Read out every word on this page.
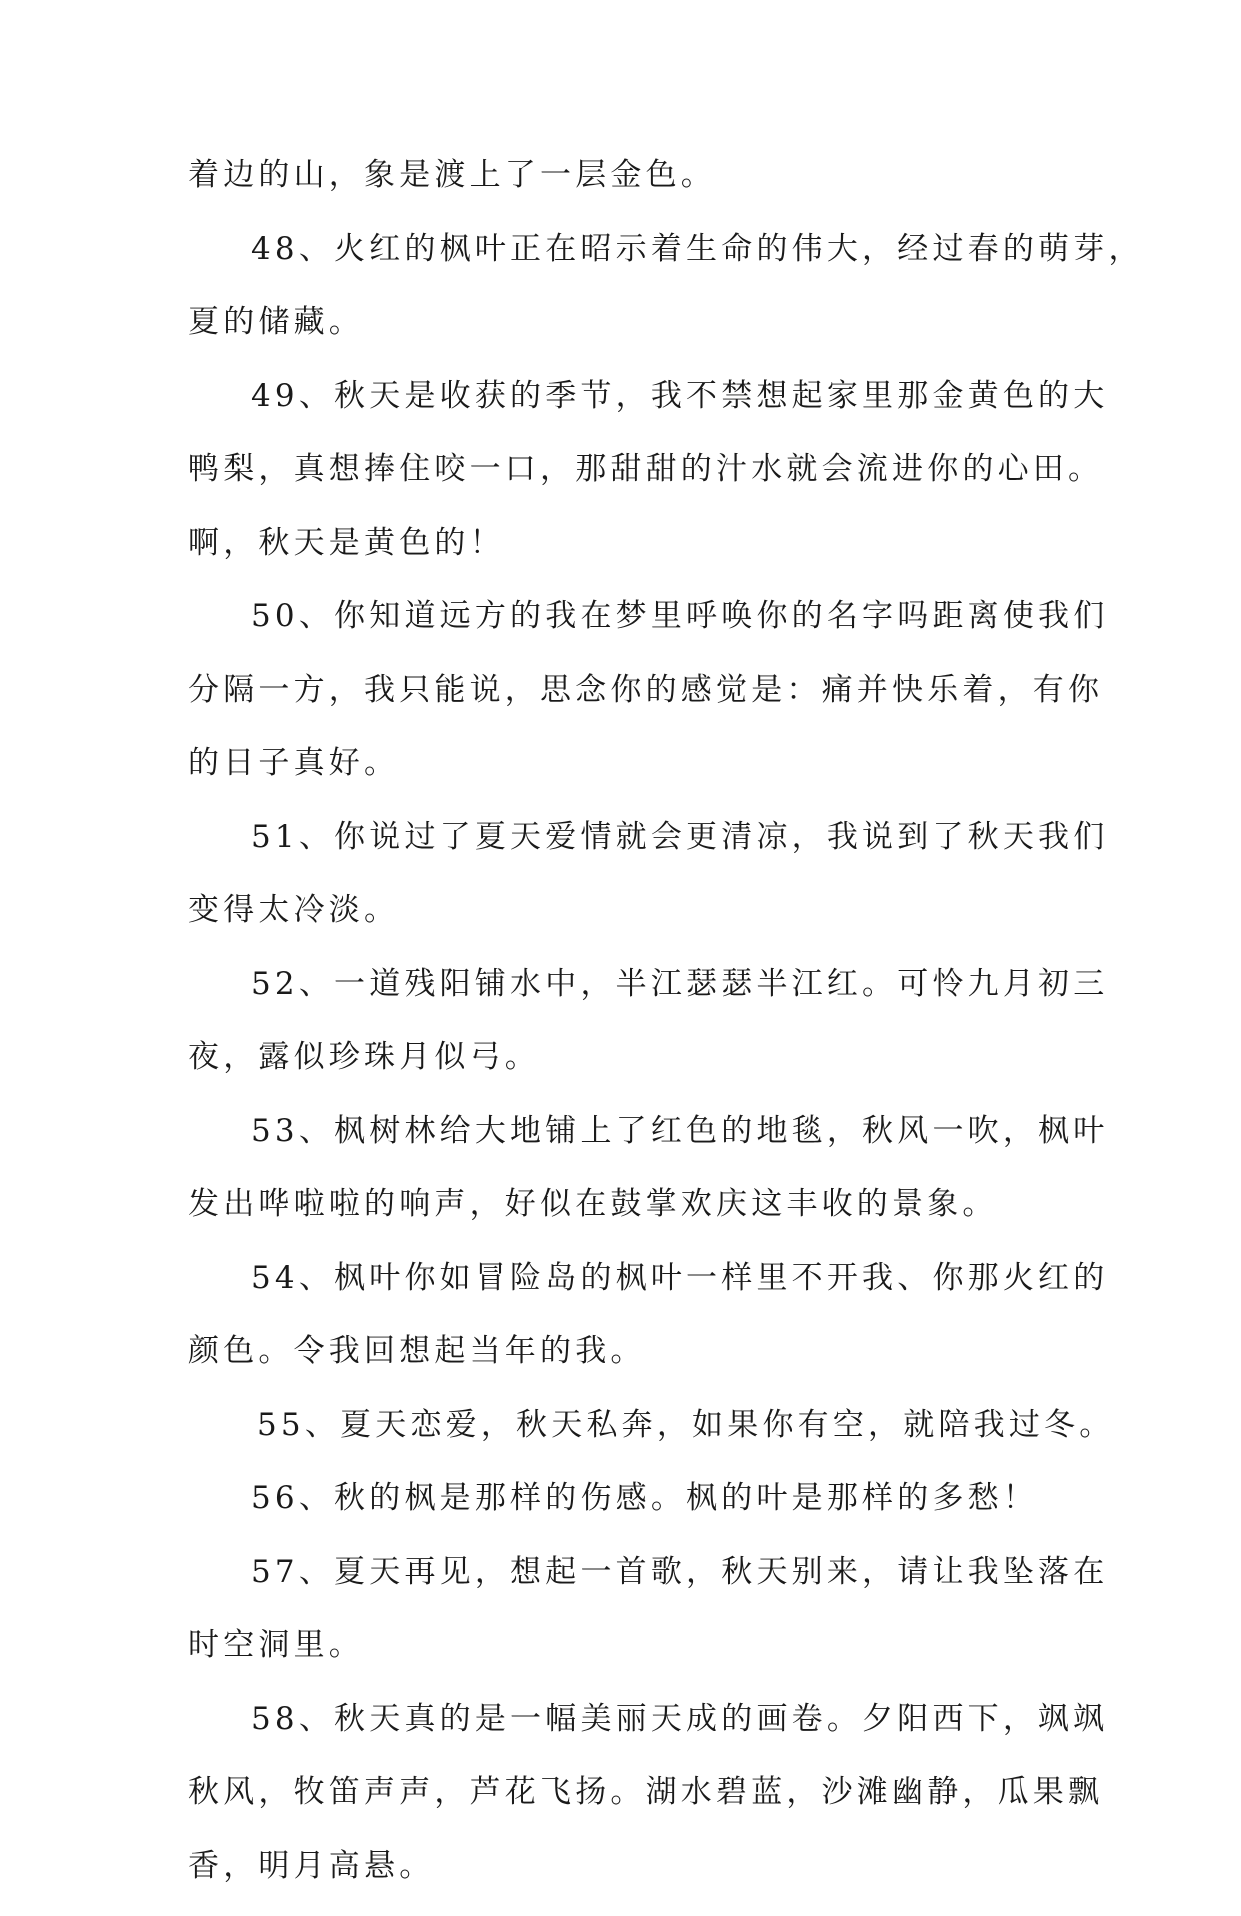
着边的山，象是渡上了一层金色。
48、火红的枫叶正在昭示着生命的伟大，经过春的萌芽，
夏的储藏。
49、秋天是收获的季节，我不禁想起家里那金黄色的大
鸭梨，真想捧住咬一口，那甜甜的汁水就会流进你的心田。
啊，秋天是黄色的！
50、你知道远方的我在梦里呼唤你的名字吗距离使我们
分隔一方，我只能说，思念你的感觉是：痛并快乐着，有你
的日子真好。
51、你说过了夏天爱情就会更清凉，我说到了秋天我们
变得太冷淡。
52、一道残阳铺水中，半江瑟瑟半江红。可怜九月初三
夜，露似珍珠月似弓。
53、枫树林给大地铺上了红色的地毯，秋风一吹，枫叶
发出哗啦啦的响声，好似在鼓掌欢庆这丰收的景象。
54、枫叶你如冒险岛的枫叶一样里不开我、你那火红的
颜色。令我回想起当年的我。
55、夏天恋爱，秋天私奔，如果你有空，就陪我过冬。
56、秋的枫是那样的伤感。枫的叶是那样的多愁！
57、夏天再见，想起一首歌，秋天别来，请让我坠落在
时空洞里。
58、秋天真的是一幅美丽天成的画卷。夕阳西下，飒飒
秋风，牧笛声声，芦花飞扬。湖水碧蓝，沙滩幽静，瓜果飘
香，明月高悬。
